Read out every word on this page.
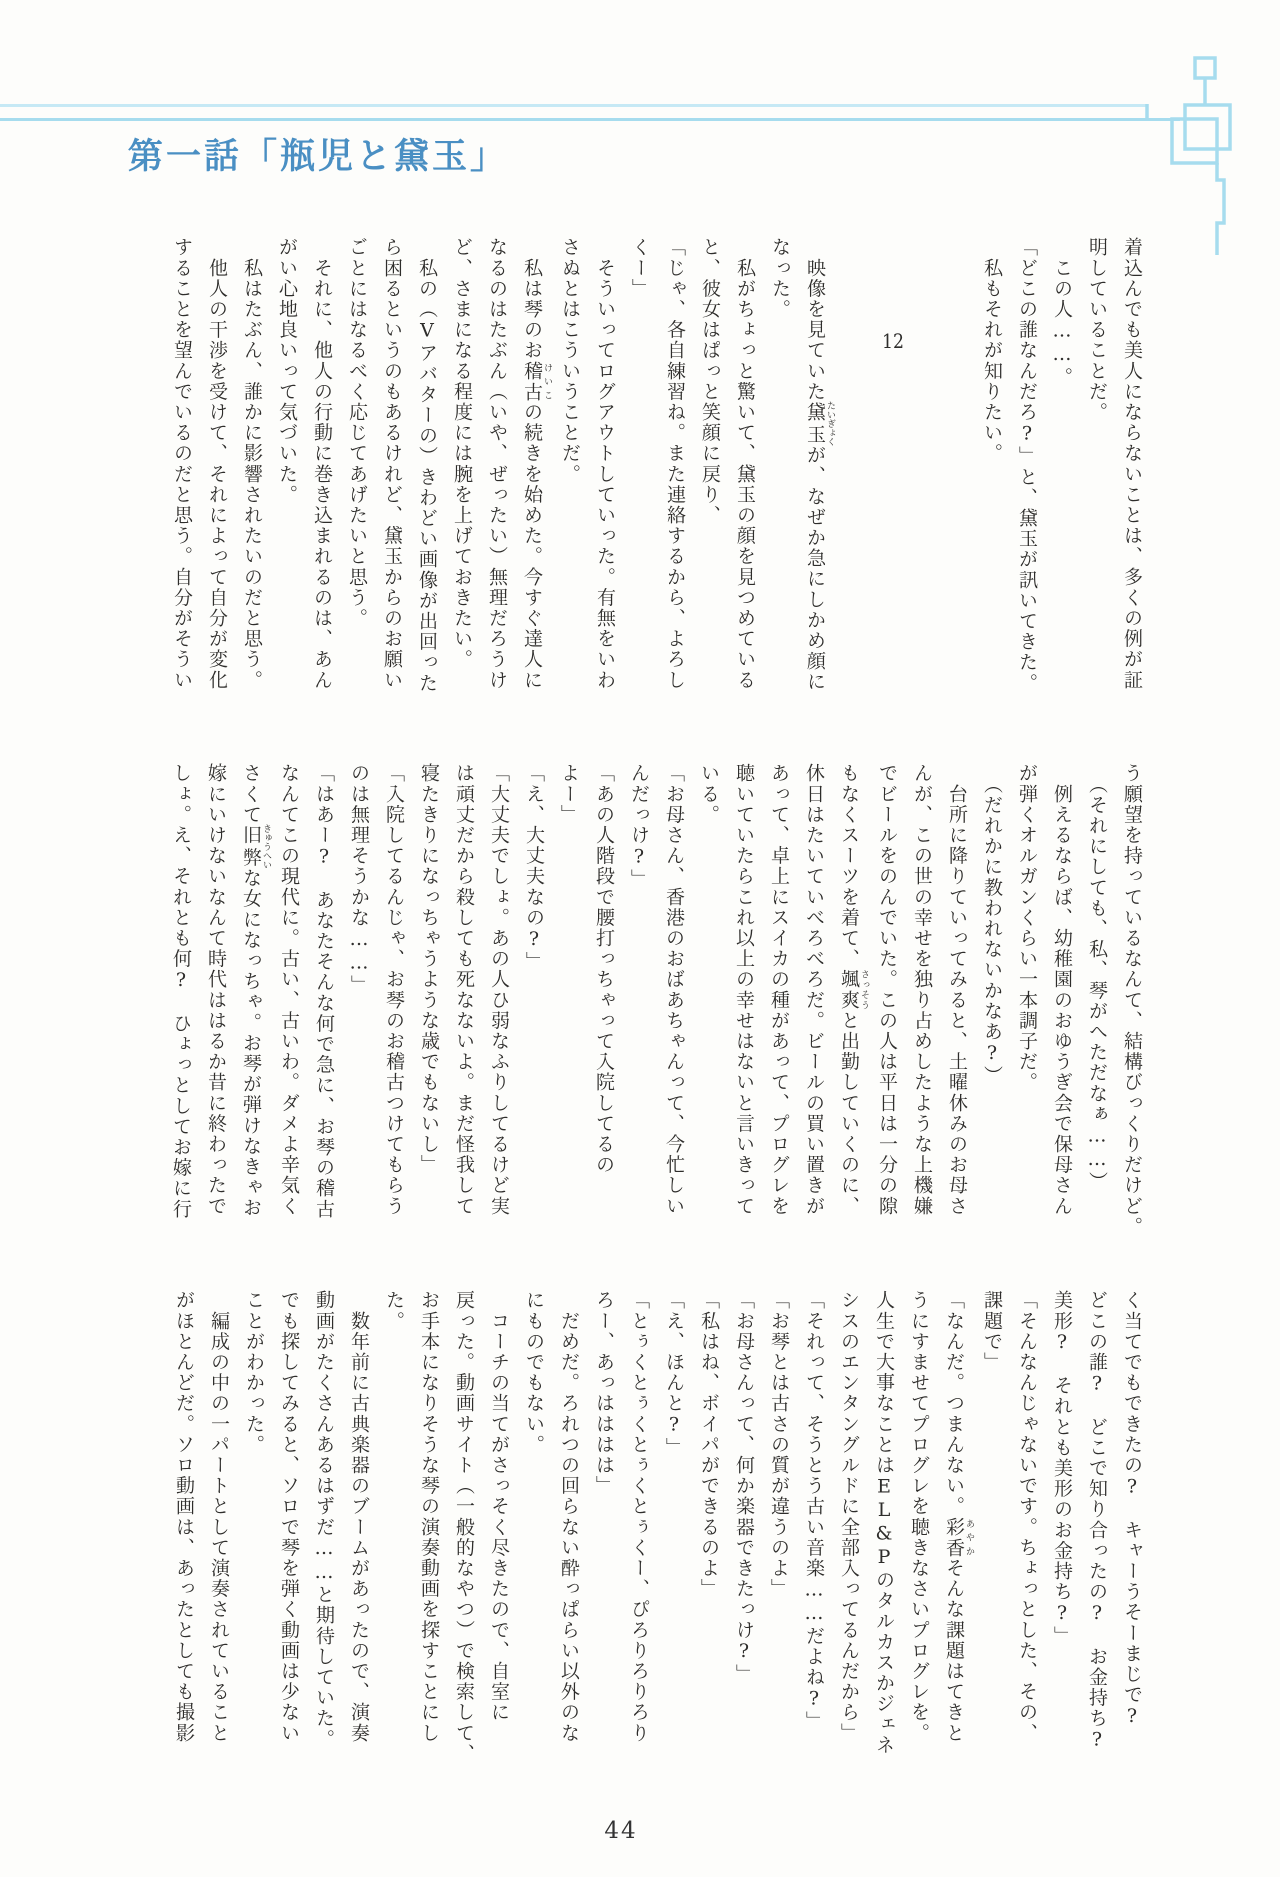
第一話「瓶児と黛玉」
着込んでも美人にならないことは、多くの例が証
明していることだ。
　この人……。
「どこの誰なんだろ?」と、黛玉が訊いてきた。
　私もそれが知りたい。
12
　映像を見ていた黛玉 たいぎょくが、なぜか急にしかめ顔に
なった。
　私がちょっと驚いて、黛玉の顔を見つめている
と、彼女はぱっと笑顔に戻り、
「じゃ、各自練習ね。また連絡するから、よろし
くー」
　そういってログアウトしていった。有無をいわ
さぬとはこういうことだ。
　私は琴のお稽古 けいこの続きを始めた。今すぐ達人に
なるのはたぶん（いや、ぜったい）無理だろうけ
ど、さまになる程度には腕を上げておきたい。
　私の（Vアバターの）きわどい画像が出回った
ら困るというのもあるけれど、黛玉からのお願い
ごとにはなるべく応じてあげたいと思う。
　それに、他人の行動に巻き込まれるのは、あん
がい心地良いって気づいた。
　私はたぶん、誰かに影響されたいのだと思う。
　他人の干渉を受けて、それによって自分が変化
することを望んでいるのだと思う。自分がそうい
う願望を持っているなんて、結構びっくりだけど。
　（それにしても、私、琴がへただなぁ……）
　例えるならば、幼稚園のおゆうぎ会で保母さん
が弾くオルガンくらい一本調子だ。
　（だれかに教われないかなあ?）
　台所に降りていってみると、土曜休みのお母さ
んが、この世の幸せを独り占めしたような上機嫌
でビールをのんでいた。この人は平日は一分の隙
もなくスーツを着て、颯爽 さっそうと出勤していくのに、
休日はたいていべろべろだ。ビールの買い置きが
あって、卓上にスイカの種があって、プログレを
聴いていたらこれ以上の幸せはないと言いきって
いる。
「お母さん、香港のおばあちゃんって、今忙しい
んだっけ?」
「あの人階段で腰打っちゃって入院してるの
よー」
「え、大丈夫なの?」
「大丈夫でしょ。あの人ひ弱なふりしてるけど実
は頑丈だから殺しても死なないよ。まだ怪我して
寝たきりになっちゃうような歳でもないし」
「入院してるんじゃ、お琴のお稽古つけてもらう
のは無理そうかな……」
「はあー?　あなたそんな何で急に、お琴の稽古
なんてこの現代に。古い、古いわ。ダメよ辛気く
さくて旧弊 きゅうへいな女になっちゃ。お琴が弾けなきゃお
嫁にいけないなんて時代ははるか昔に終わったで
しょ。え、それとも何?　ひょっとしてお嫁に行
く当てでもできたの?　キャーうそーまじで?
どこの誰?　どこで知り合ったの?　お金持ち?
美形?　それとも美形のお金持ち?」
「そんなんじゃないです。ちょっとした、その、
課題で」
「なんだ。つまんない。彩香 あやかそんな課題はてきと
うにすませてプログレを聴きなさいプログレを。
人生で大事なことはEL&Pのタルカスかジェネ
シスのエンタングルドに全部入ってるんだから」
「それって、そうとう古い音楽……だよね?」
「お琴とは古さの質が違うのよ」
「お母さんって、何か楽器できたっけ?」
「私はね、ボイパができるのよ」
「え、ほんと?」
「とぅくとぅくとぅくとぅくー、ぴろりろりろり
ろー、あっはははは」
　だめだ。ろれつの回らない酔っぱらい以外のな
にものでもない。
　コーチの当てがさっそく尽きたので、自室に
戻った。動画サイト（一般的なやつ）で検索して、
お手本になりそうな琴の演奏動画を探すことにし
た。
　数年前に古典楽器のブームがあったので、演奏
動画がたくさんあるはずだ……と期待していた。
でも探してみると、ソロで琴を弾く動画は少ない
ことがわかった。
　編成の中の一パートとして演奏されていること
がほとんどだ。ソロ動画は、あったとしても撮影
44
